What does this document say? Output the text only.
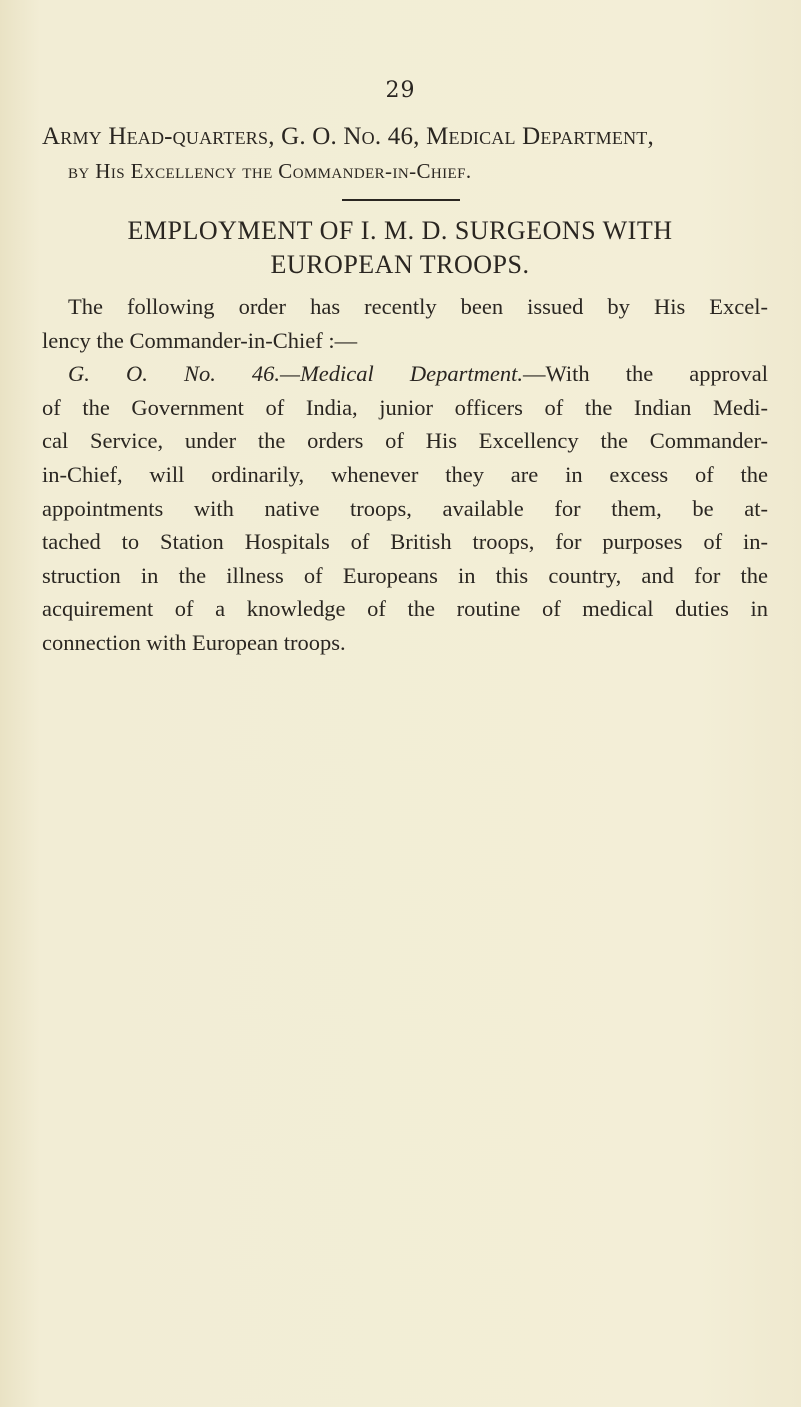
29
Army Head-quarters, G. O. No. 46, Medical Department,
by His Excellency the Commander-in-Chief.
EMPLOYMENT OF I. M. D. SURGEONS WITH
EUROPEAN TROOPS.

The following order has recently been issued by His Excel-
lency the Commander-in-Chief :—

G. O. No. 46.—Medical Department.—With the approval
of the Government of India, junior officers of the Indian Medi-
cal Service, under the orders of His Excellency the Commander-
in-Chief, will ordinarily, whenever they are in excess of the
appointments with native troops, available for them, be at-
tached to Station Hospitals of British troops, for purposes of in-
struction in the illness of Europeans in this country, and for the
acquirement of a knowledge of the routine of medical duties in
connection with European troops.
